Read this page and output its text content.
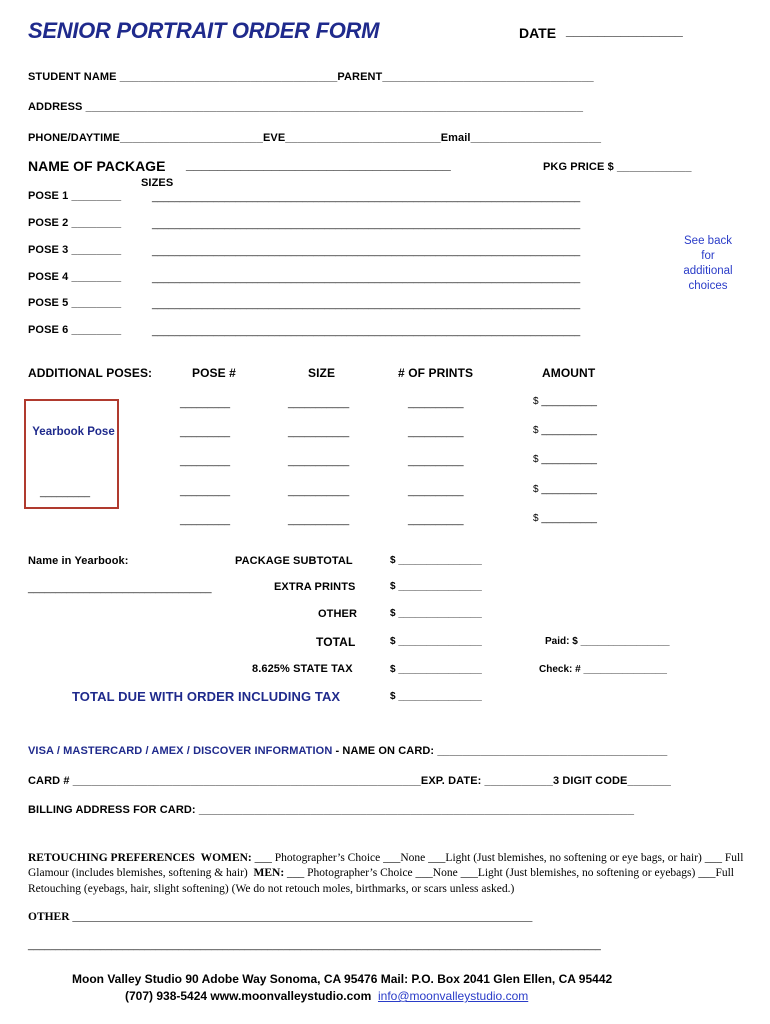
SENIOR PORTRAIT ORDER FORM	DATE _______________
STUDENT NAME ___________________________________PARENT__________________________________
ADDRESS ________________________________________________________________________________
PHONE/DAYTIME_______________________EVE_________________________Email_____________________
NAME OF PACKAGE __________________________________	PKG PRICE $ ____________
SIZES
POSE 1 ________	_____________________________________________________________________________
POSE 2 ________	_____________________________________________________________________________
POSE 3 ________	_____________________________________________________________________________
POSE 4 ________	_____________________________________________________________________________
POSE 5 ________	_____________________________________________________________________________
POSE 6 ________	_____________________________________________________________________________
See back for additional choices
ADDITIONAL POSES:	POSE #	SIZE	# OF PRINTS	AMOUNT
Yearbook Pose
_________
_________	___________	__________	$ __________
_________	___________	__________	$ __________
_________	___________	__________	$ __________
_________	___________	__________	$ __________
_________	___________	__________	$ __________
Name in Yearbook:
_________________________________
PACKAGE SUBTOTAL	$ _______________
EXTRA PRINTS	$ _______________
OTHER	$ _______________
TOTAL	$ _______________	Paid: $ ________________
8.625% STATE TAX	$ _______________	Check: # _______________
TOTAL DUE WITH ORDER INCLUDING TAX	$ _______________
VISA / MASTERCARD / AMEX / DISCOVER INFORMATION - NAME ON CARD: _____________________________________
CARD # ________________________________________________________EXP. DATE: ___________3 DIGIT CODE_______
BILLING ADDRESS FOR CARD: ______________________________________________________________________
RETOUCHING PREFERENCES WOMEN: ___ Photographer’s Choice ___None ___Light (Just blemishes, no softening or eye bags, or hair) ___ Full Glamour (includes blemishes, softening & hair) MEN: ___ Photographer’s Choice ___None ___Light (Just blemishes, no softening or eyebags) ___Full Retouching (eyebags, hair, slight softening) (We do not retouch moles, birthmarks, or scars unless asked.)
OTHER ____________________________________________________________________________________________
_______________________________________________________________________________________________________
Moon Valley Studio 90 Adobe Way Sonoma, CA 95476 Mail: P.O. Box 2041 Glen Ellen, CA 95442
(707) 938-5424 www.moonvalleystudio.com info@moonvalleystudio.com
